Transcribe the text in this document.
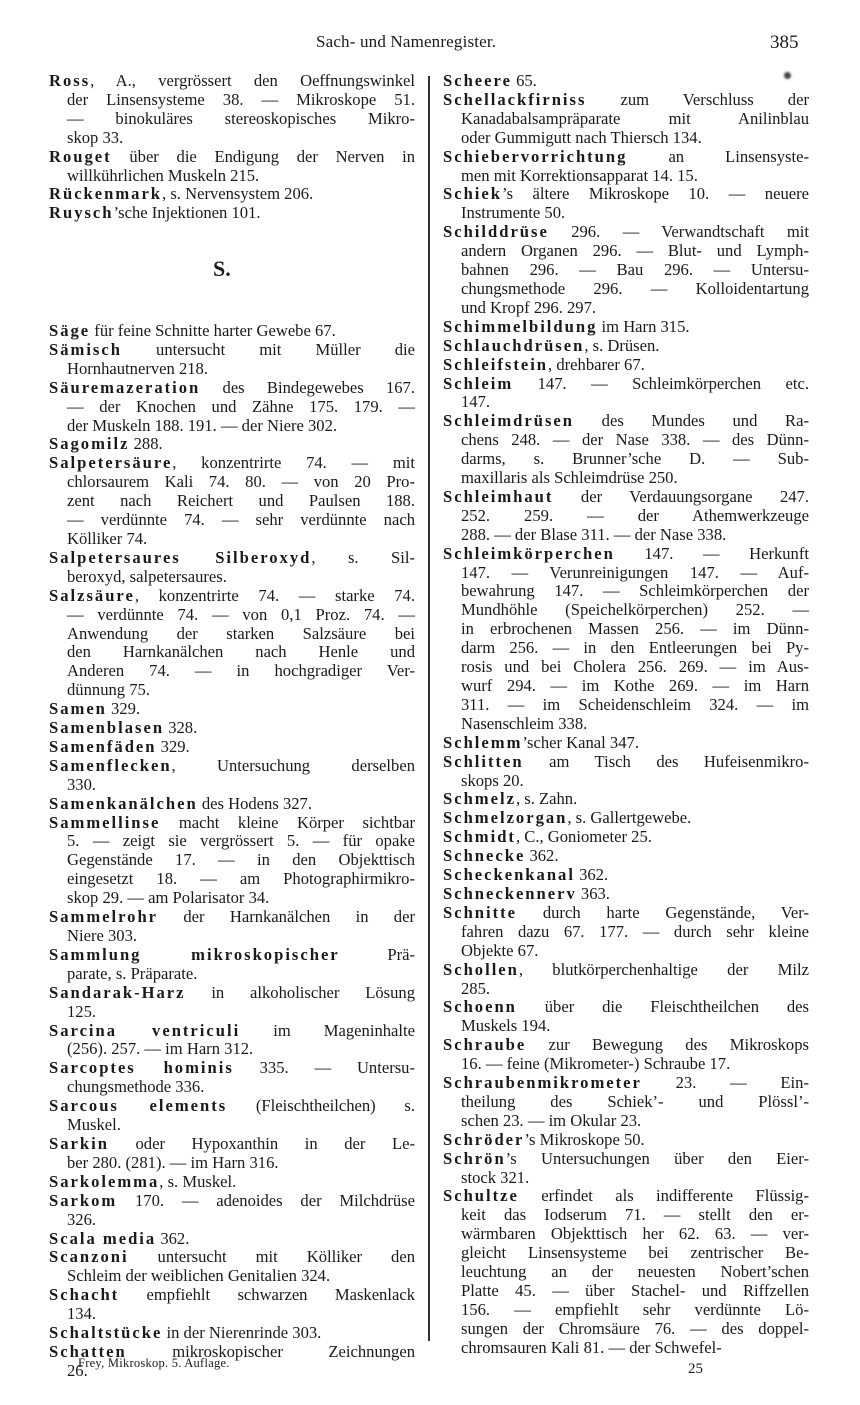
Sach- und Namenregister.	385
Ross, A., vergrössert den Oeffnungswinkel
der Linsensysteme 38. — Mikroskope 51.
— binokuläres stereoskopisches Mikro-
skop 33.
Rouget über die Endigung der Nerven in
willkührlichen Muskeln 215.
Rückenmark, s. Nervensystem 206.
Ruysch’sche Injektionen 101.
S.
Säge für feine Schnitte harter Gewebe 67.
Sämisch untersucht mit Müller die
Hornhautnerven 218.
Säuremazeration des Bindegewebes 167.
— der Knochen und Zähne 175. 179. —
der Muskeln 188. 191. — der Niere 302.
Sagomilz 288.
Salpetersäure, konzentrirte 74. — mit
chlorsaurem Kali 74. 80. — von 20 Pro-
zent nach Reichert und Paulsen 188.
— verdünnte 74. — sehr verdünnte nach
Kölliker 74.
Salpetersaures Silberoxyd, s. Sil-
beroxyd, salpetersaures.
Salzsäure, konzentrirte 74. — starke 74.
— verdünnte 74. — von 0,1 Proz. 74. —
Anwendung der starken Salzsäure bei
den Harnkanälchen nach Henle und
Anderen 74. — in hochgradiger Ver-
dünnung 75.
Samen 329.
Samenblasen 328.
Samenfäden 329.
Samenflecken, Untersuchung derselben
330.
Samenkanälchen des Hodens 327.
Sammellinse macht kleine Körper sichtbar
5. — zeigt sie vergrössert 5. — für opake
Gegenstände 17. — in den Objekttisch
eingesetzt 18. — am Photographirmikro-
skop 29. — am Polarisator 34.
Sammelrohr der Harnkanälchen in der
Niere 303.
Sammlung mikroskopischer Prä-
parate, s. Präparate.
Sandarak-Harz in alkoholischer Lösung
125.
Sarcina ventriculi im Mageninhalte
(256). 257. — im Harn 312.
Sarcoptes hominis 335. — Untersu-
chungsmethode 336.
Sarcous elements (Fleischtheilchen) s.
Muskel.
Sarkin oder Hypoxanthin in der Le-
ber 280. (281). — im Harn 316.
Sarkolemma, s. Muskel.
Sarkom 170. — adenoides der Milchdrüse
326.
Scala media 362.
Scanzoni untersucht mit Kölliker den
Schleim der weiblichen Genitalien 324.
Schacht empfiehlt schwarzen Maskenlack
134.
Schaltstücke in der Nierenrinde 303.
Schatten mikroskopischer Zeichnungen
26.
Scheere 65.
Schellackfirniss zum Verschluss der
Kanadabalsampräparate mit Anilinblau
oder Gummigutt nach Thiersch 134.
Schiebervorrichtung an Linsensyste-
men mit Korrektionsapparat 14. 15.
Schiek’s ältere Mikroskope 10. — neuere
Instrumente 50.
Schilddrüse 296. — Verwandtschaft mit
andern Organen 296. — Blut- und Lymph-
bahnen 296. — Bau 296. — Untersu-
chungsmethode 296. — Kolloidentartung
und Kropf 296. 297.
Schimmelbildung im Harn 315.
Schlauchdrüsen, s. Drüsen.
Schleifstein, drehbarer 67.
Schleim 147. — Schleimkörperchen etc.
147.
Schleimdrüsen des Mundes und Ra-
chens 248. — der Nase 338. — des Dünn-
darms, s. Brunner’sche D. — Sub-
maxillaris als Schleimdrüse 250.
Schleimhaut der Verdauungsorgane 247.
252. 259. — der Athemwerkzeuge
288. — der Blase 311. — der Nase 338.
Schleimkörperchen 147. — Herkunft
147. — Verunreinigungen 147. — Auf-
bewahrung 147. — Schleimkörperchen der
Mundhöhle (Speichelkörperchen) 252. —
in erbrochenen Massen 256. — im Dünn-
darm 256. — in den Entleerungen bei Py-
rosis und bei Cholera 256. 269. — im Aus-
wurf 294. — im Kothe 269. — im Harn
311. — im Scheidenschleim 324. — im
Nasenschleim 338.
Schlemm’scher Kanal 347.
Schlitten am Tisch des Hufeisenmikro-
skops 20.
Schmelz, s. Zahn.
Schmelzorgan, s. Gallertgewebe.
Schmidt, C., Goniometer 25.
Schnecke 362.
Scheckenkanal 362.
Schneckennerv 363.
Schnitte durch harte Gegenstände, Ver-
fahren dazu 67. 177. — durch sehr kleine
Objekte 67.
Schollen, blutkörperchenhaltige der Milz
285.
Schoenn über die Fleischtheilchen des
Muskels 194.
Schraube zur Bewegung des Mikroskops
16. — feine (Mikrometer-) Schraube 17.
Schraubenmikrometer 23. — Ein-
theilung des Schiek’- und Plössl’-
schen 23. — im Okular 23.
Schröder’s Mikroskope 50.
Schrön’s Untersuchungen über den Eier-
stock 321.
Schultze erfindet als indifferente Flüssig-
keit das Iodserum 71. — stellt den er-
wärmbaren Objekttisch her 62. 63. — ver-
gleicht Linsensysteme bei zentrischer Be-
leuchtung an der neuesten Nobert’schen
Platte 45. — über Stachel- und Riffzellen
156. — empfiehlt sehr verdünnte Lö-
sungen der Chromsäure 76. — des doppel-
chromsauren Kali 81. — der Schwefel-
Frey, Mikroskop. 5. Auflage.	25
